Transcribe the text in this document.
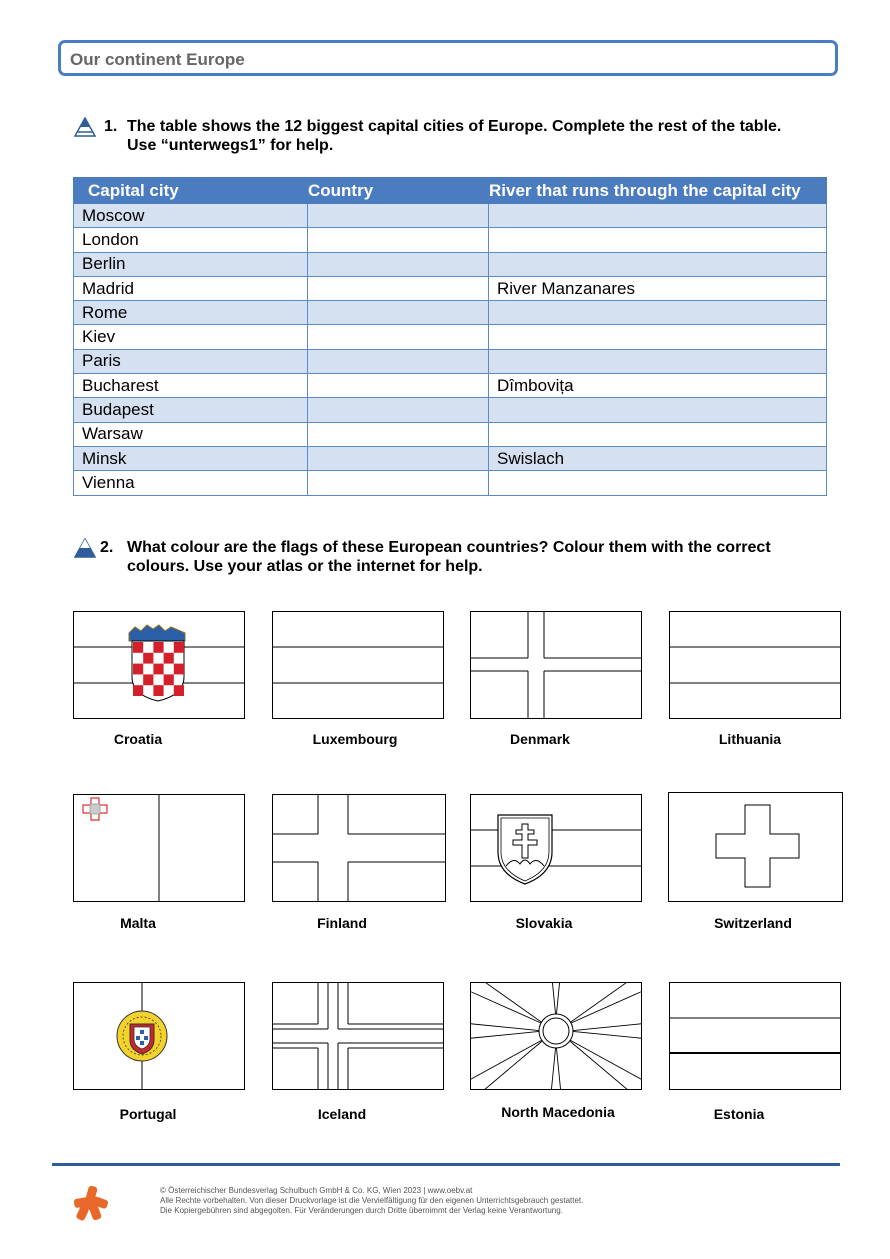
Our continent Europe
1. The table shows the 12 biggest capital cities of Europe. Complete the rest of the table.
Use “unterwegs1” for help.
Capital city	Country	River that runs through the capital city
Moscow		
London		
Berlin		
Madrid		River Manzanares
Rome		
Kiev		
Paris		
Bucharest		Dîmbovița
Budapest		
Warsaw		
Minsk		Swislach
Vienna		
2. What colour are the flags of these European countries? Colour them with the correct
colours. Use your atlas or the internet for help.
Croatia	Luxembourg	Denmark	Lithuania
Malta	Finland	Slovakia	Switzerland
Portugal	Iceland	North Macedonia	Estonia
© Österreichischer Bundesverlag Schulbuch GmbH & Co. KG, Wien 2023 | www.oebv.at
Alle Rechte vorbehalten. Von dieser Druckvorlage ist die Vervielfältigung für den eigenen Unterrichtsgebrauch gestattet.
Die Kopiergebühren sind abgegolten. Für Veränderungen durch Dritte übernimmt der Verlag keine Verantwortung.
